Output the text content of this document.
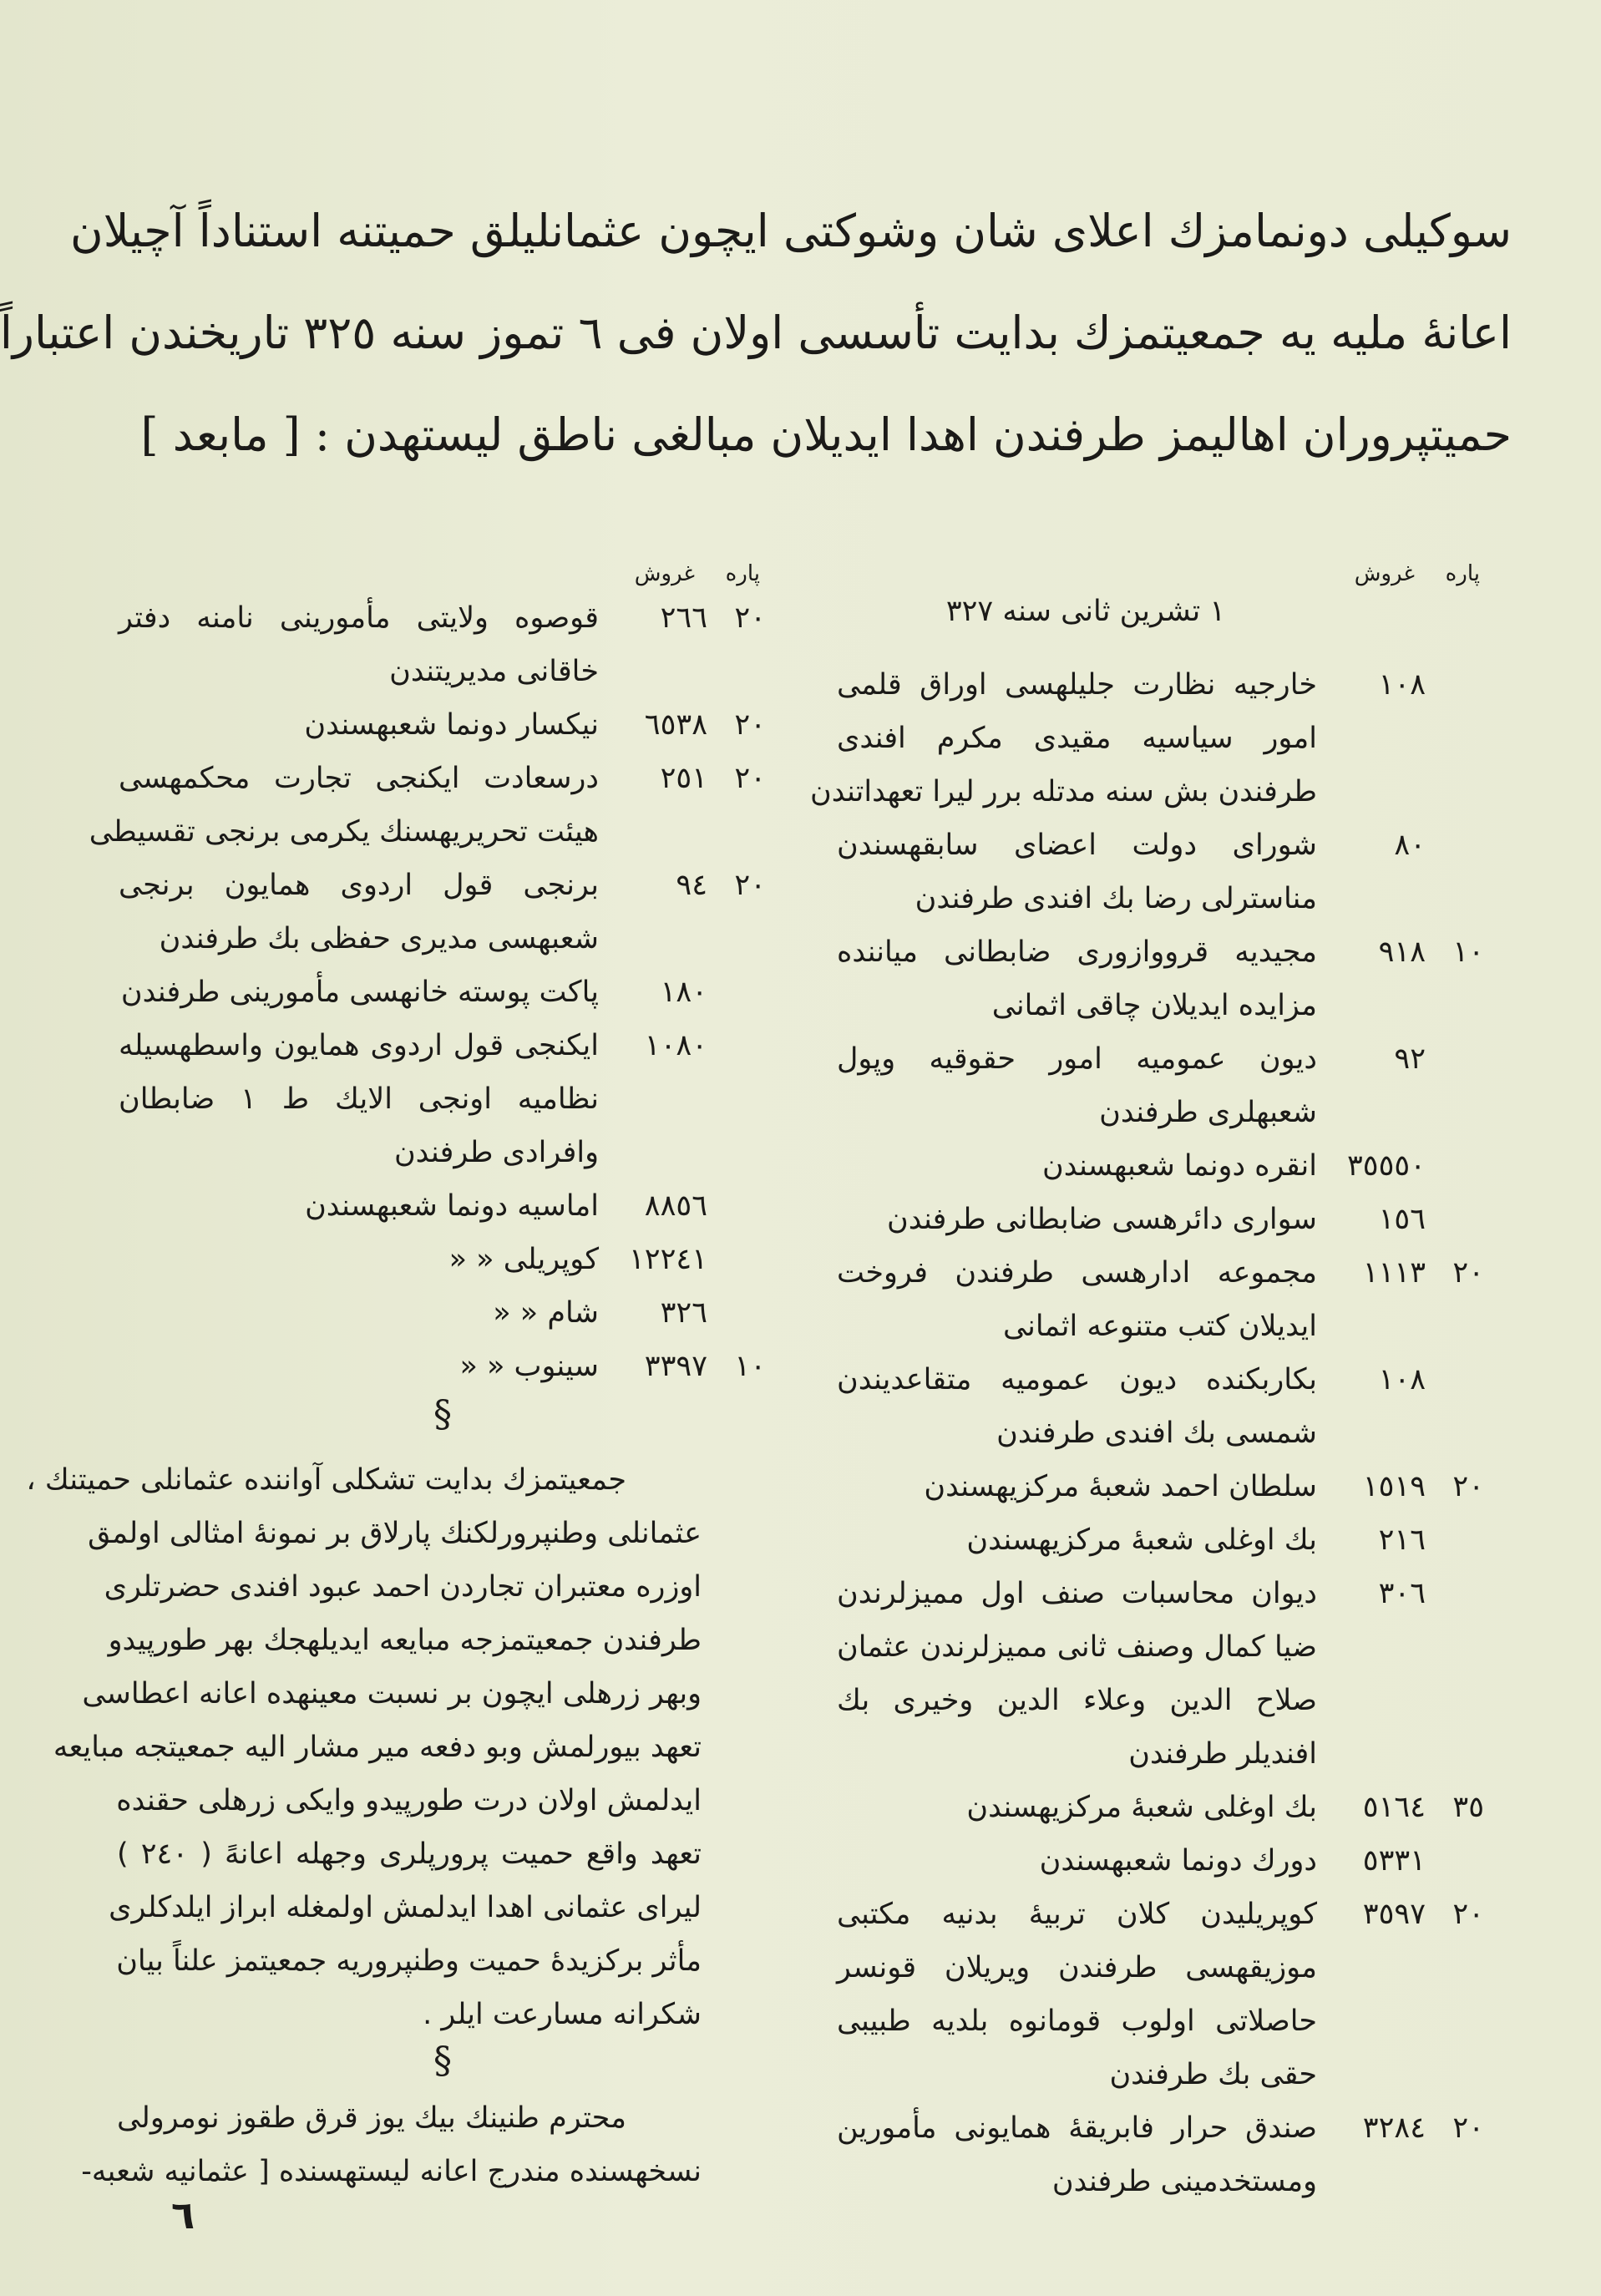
سوكيلى دونمامزك اعلاى شان وشوكتى ايچون عثمانليلق حميتنه استناداً آچيلان
اعانهٔ مليه يه جمعيتمزك بدايت تأسسى اولان فى ٦ تموز سنه ٣٢٥ تاريخندن اعتباراً
حميتپروران اهاليمز طرفندن اهدا ايديلان مبالغى ناطق ليستهدن : [ مابعد ]
پاره
غروش
١ تشرين ثانى سنه ٣٢٧
١٠٨
خارجيه نظارت جليلهسى اوراق قلمى
امور سياسيه مقيدى مكرم افندى
طرفندن بش سنه مدتله برر ليرا تعهداتندن
٨٠
شوراى دولت اعضاى سابقهسندن
مناسترلى رضا بك افندى طرفندن
١٠
٩١٨
مجيديه قرووازورى ضابطانى ميانندە
مزايده ايديلان چاقى اثمانى
٩٢
ديون عموميه امور حقوقيه وپول
شعبهلرى طرفندن
٣٥٥٥٠
انقره دونما شعبهسندن
١٥٦
سوارى دائرهسى ضابطانى طرفندن
٢٠
١١١٣
مجموعه ادارهسى طرفندن فروخت
ايديلان كتب متنوعه اثمانى
١٠٨
بكاربكنده ديون عموميه متقاعديندن
شمسى بك افندى طرفندن
٢٠
١٥١٩
سلطان احمد شعبهٔ مركزيهسندن
٢١٦
بك اوغلى شعبهٔ مركزيهسندن
٣٠٦
ديوان محاسبات صنف اول مميزلرندن
ضيا كمال وصنف ثانى مميزلرندن عثمان
صلاح الدين وعلاء الدين وخيرى بك
افنديلر طرفندن
٣٥
٥١٦٤
بك اوغلى شعبهٔ مركزيهسندن
٥٣٣١
دورك دونما شعبهسندن
٢٠
٣٥٩٧
كوپريليدن كلان تربيهٔ بدنيه مكتبى
موزيقهسى طرفندن ويريلان قونسر
حاصلاتى اولوب قومانوه بلديه طبيبى
حقى بك طرفندن
٢٠
٣٢٨٤
صندق حرار فابريقهٔ همايونى مأمورين
ومستخدمينى طرفندن
پاره
غروش
٢٠
٢٦٦
قوصوه ولايتى مأمورينى نامنه دفتر
خاقانى مديريتندن
٢٠
٦٥٣٨
نيكسار دونما شعبهسندن
٢٠
٢٥١
درسعادت ايكنجى تجارت محكمهسى
هيئت تحريريهسنك يكرمى برنجى تقسيطى
٢٠
٩٤
برنجى قول اردوى همايون برنجى
شعبهسى مديرى حفظى بك طرفندن
١٨٠
پاكت پوسته خانهسى مأمورينى طرفندن
١٠٨٠
ايكنجى قول اردوى همايون واسطهسيله
نظاميه اونجى الايك ط ١ ضابطان
وافرادى طرفندن
٨٨٥٦
اماسيه دونما شعبهسندن
١٢٢٤١
كوپريلى « «
٣٢٦
شام « «
١٠
٣٣٩٧
سينوب « «
§
جمعيتمزك بدايت تشكلى آوانندە عثمانلى حميتنك ،
عثمانلى وطنپرورلكنك پارلاق بر نمونهٔ امثالى اولمق
اوزره معتبران تجاردن احمد عبود افندى حضرتلرى
طرفندن جمعيتمزجه مبايعه ايديلهجك بهر طورپيدو
وبهر زرهلى ايچون بر نسبت معينهده اعانه اعطاسى
تعهد بيورلمش وبو دفعه مير مشار اليه جمعيتجه مبايعه
ايدلمش اولان درت طورپيدو وايكى زرهلى حقندە
تعهد واقع حميت پرورپلرى وجهله اعانهً ( ٢٤٠ )
ليراى عثمانى اهدا ايدلمش اولمغله ابراز ايلدكلرى
مأثر بركزيدهٔ حميت وطنپروريه جمعيتمز علناً بيان
شكرانه مسارعت ايلر .
§
محترم طنينك بيك يوز قرق طقوز نومرولى
نسخهسنده مندرج اعانه ليستهسنده [ عثمانيه شعبه-
٦
